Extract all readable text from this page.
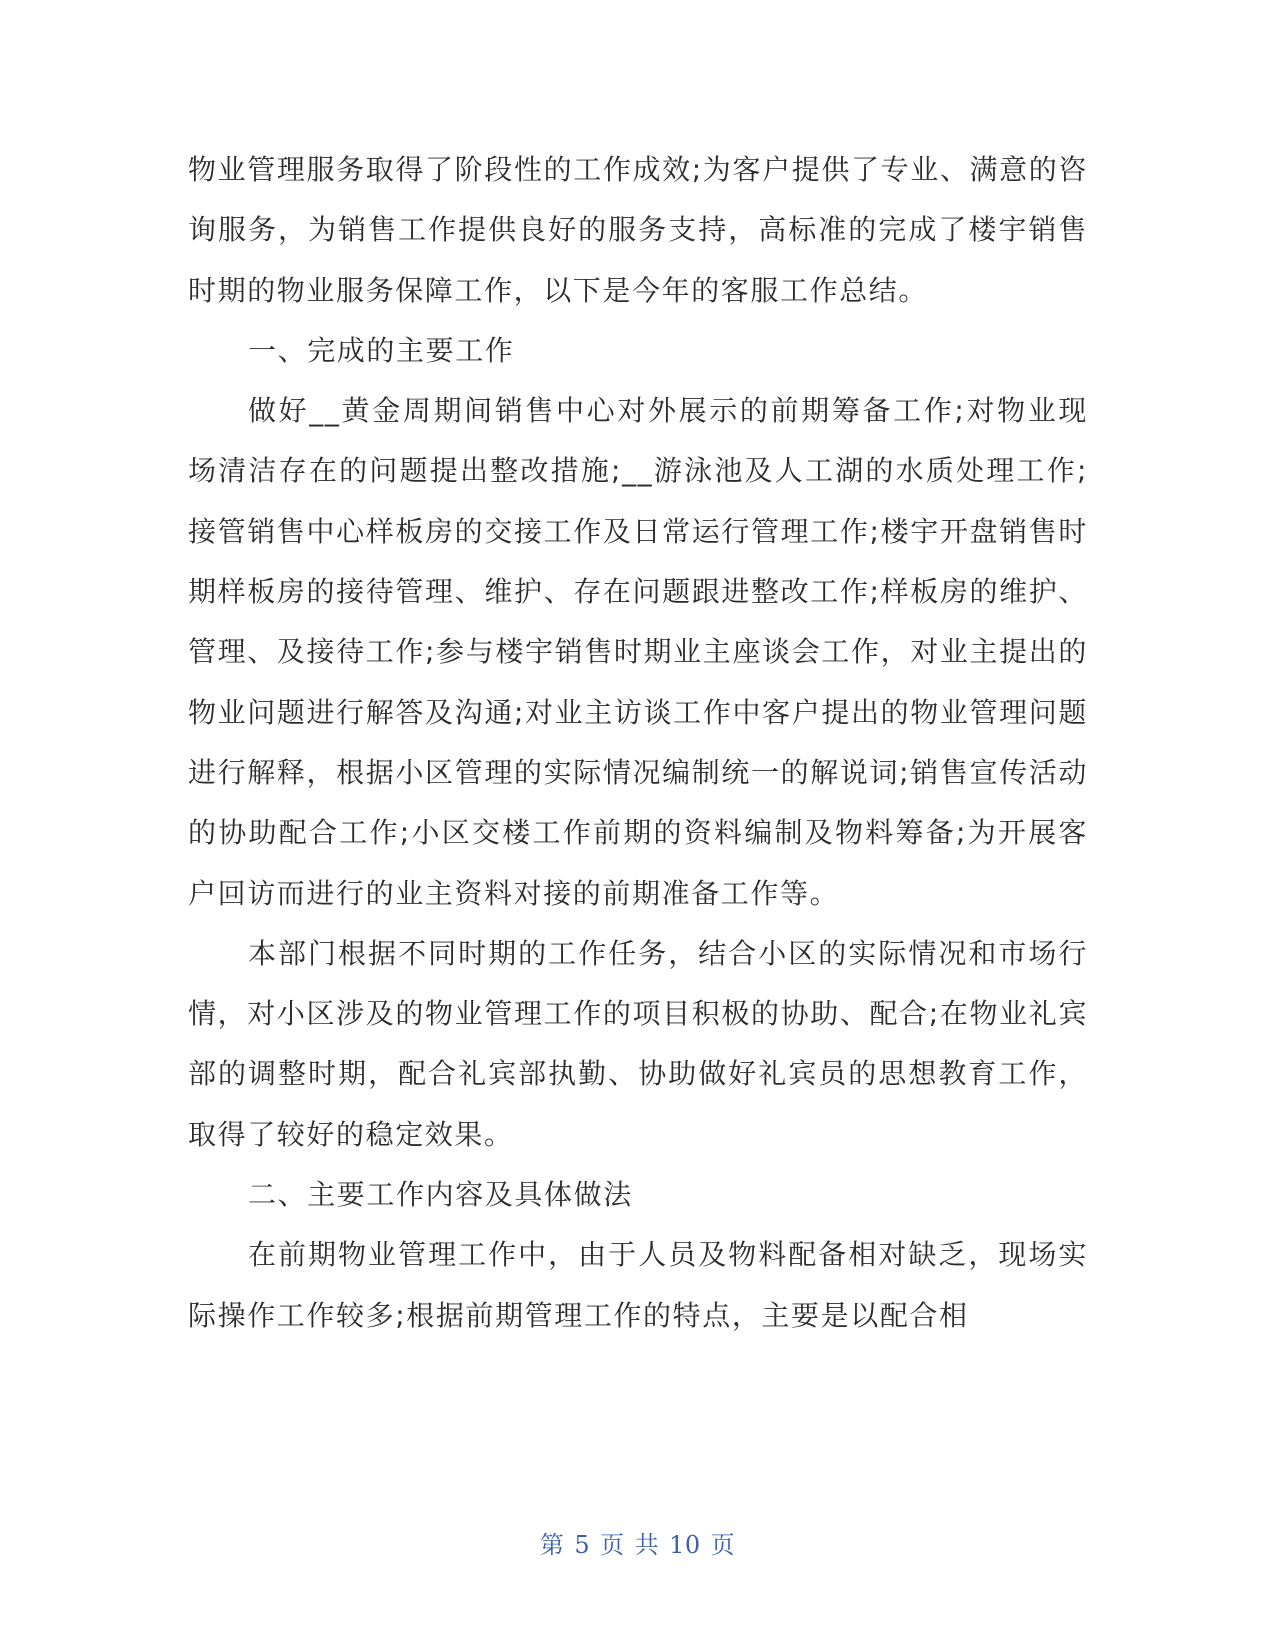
物业管理服务取得了阶段性的工作成效;为客户提供了专业、满意的咨询服务，为销售工作提供良好的服务支持，高标准的完成了楼宇销售时期的物业服务保障工作，以下是今年的客服工作总结。

一、完成的主要工作

做好__黄金周期间销售中心对外展示的前期筹备工作;对物业现场清洁存在的问题提出整改措施;__游泳池及人工湖的水质处理工作;接管销售中心样板房的交接工作及日常运行管理工作;楼宇开盘销售时期样板房的接待管理、维护、存在问题跟进整改工作;样板房的维护、管理、及接待工作;参与楼宇销售时期业主座谈会工作，对业主提出的物业问题进行解答及沟通;对业主访谈工作中客户提出的物业管理问题进行解释，根据小区管理的实际情况编制统一的解说词;销售宣传活动的协助配合工作;小区交楼工作前期的资料编制及物料筹备;为开展客户回访而进行的业主资料对接的前期准备工作等。

本部门根据不同时期的工作任务，结合小区的实际情况和市场行情，对小区涉及的物业管理工作的项目积极的协助、配合;在物业礼宾部的调整时期，配合礼宾部执勤、协助做好礼宾员的思想教育工作，取得了较好的稳定效果。

二、主要工作内容及具体做法

在前期物业管理工作中，由于人员及物料配备相对缺乏，现场实际操作工作较多;根据前期管理工作的特点，主要是以配合相

第 5 页 共 10 页
